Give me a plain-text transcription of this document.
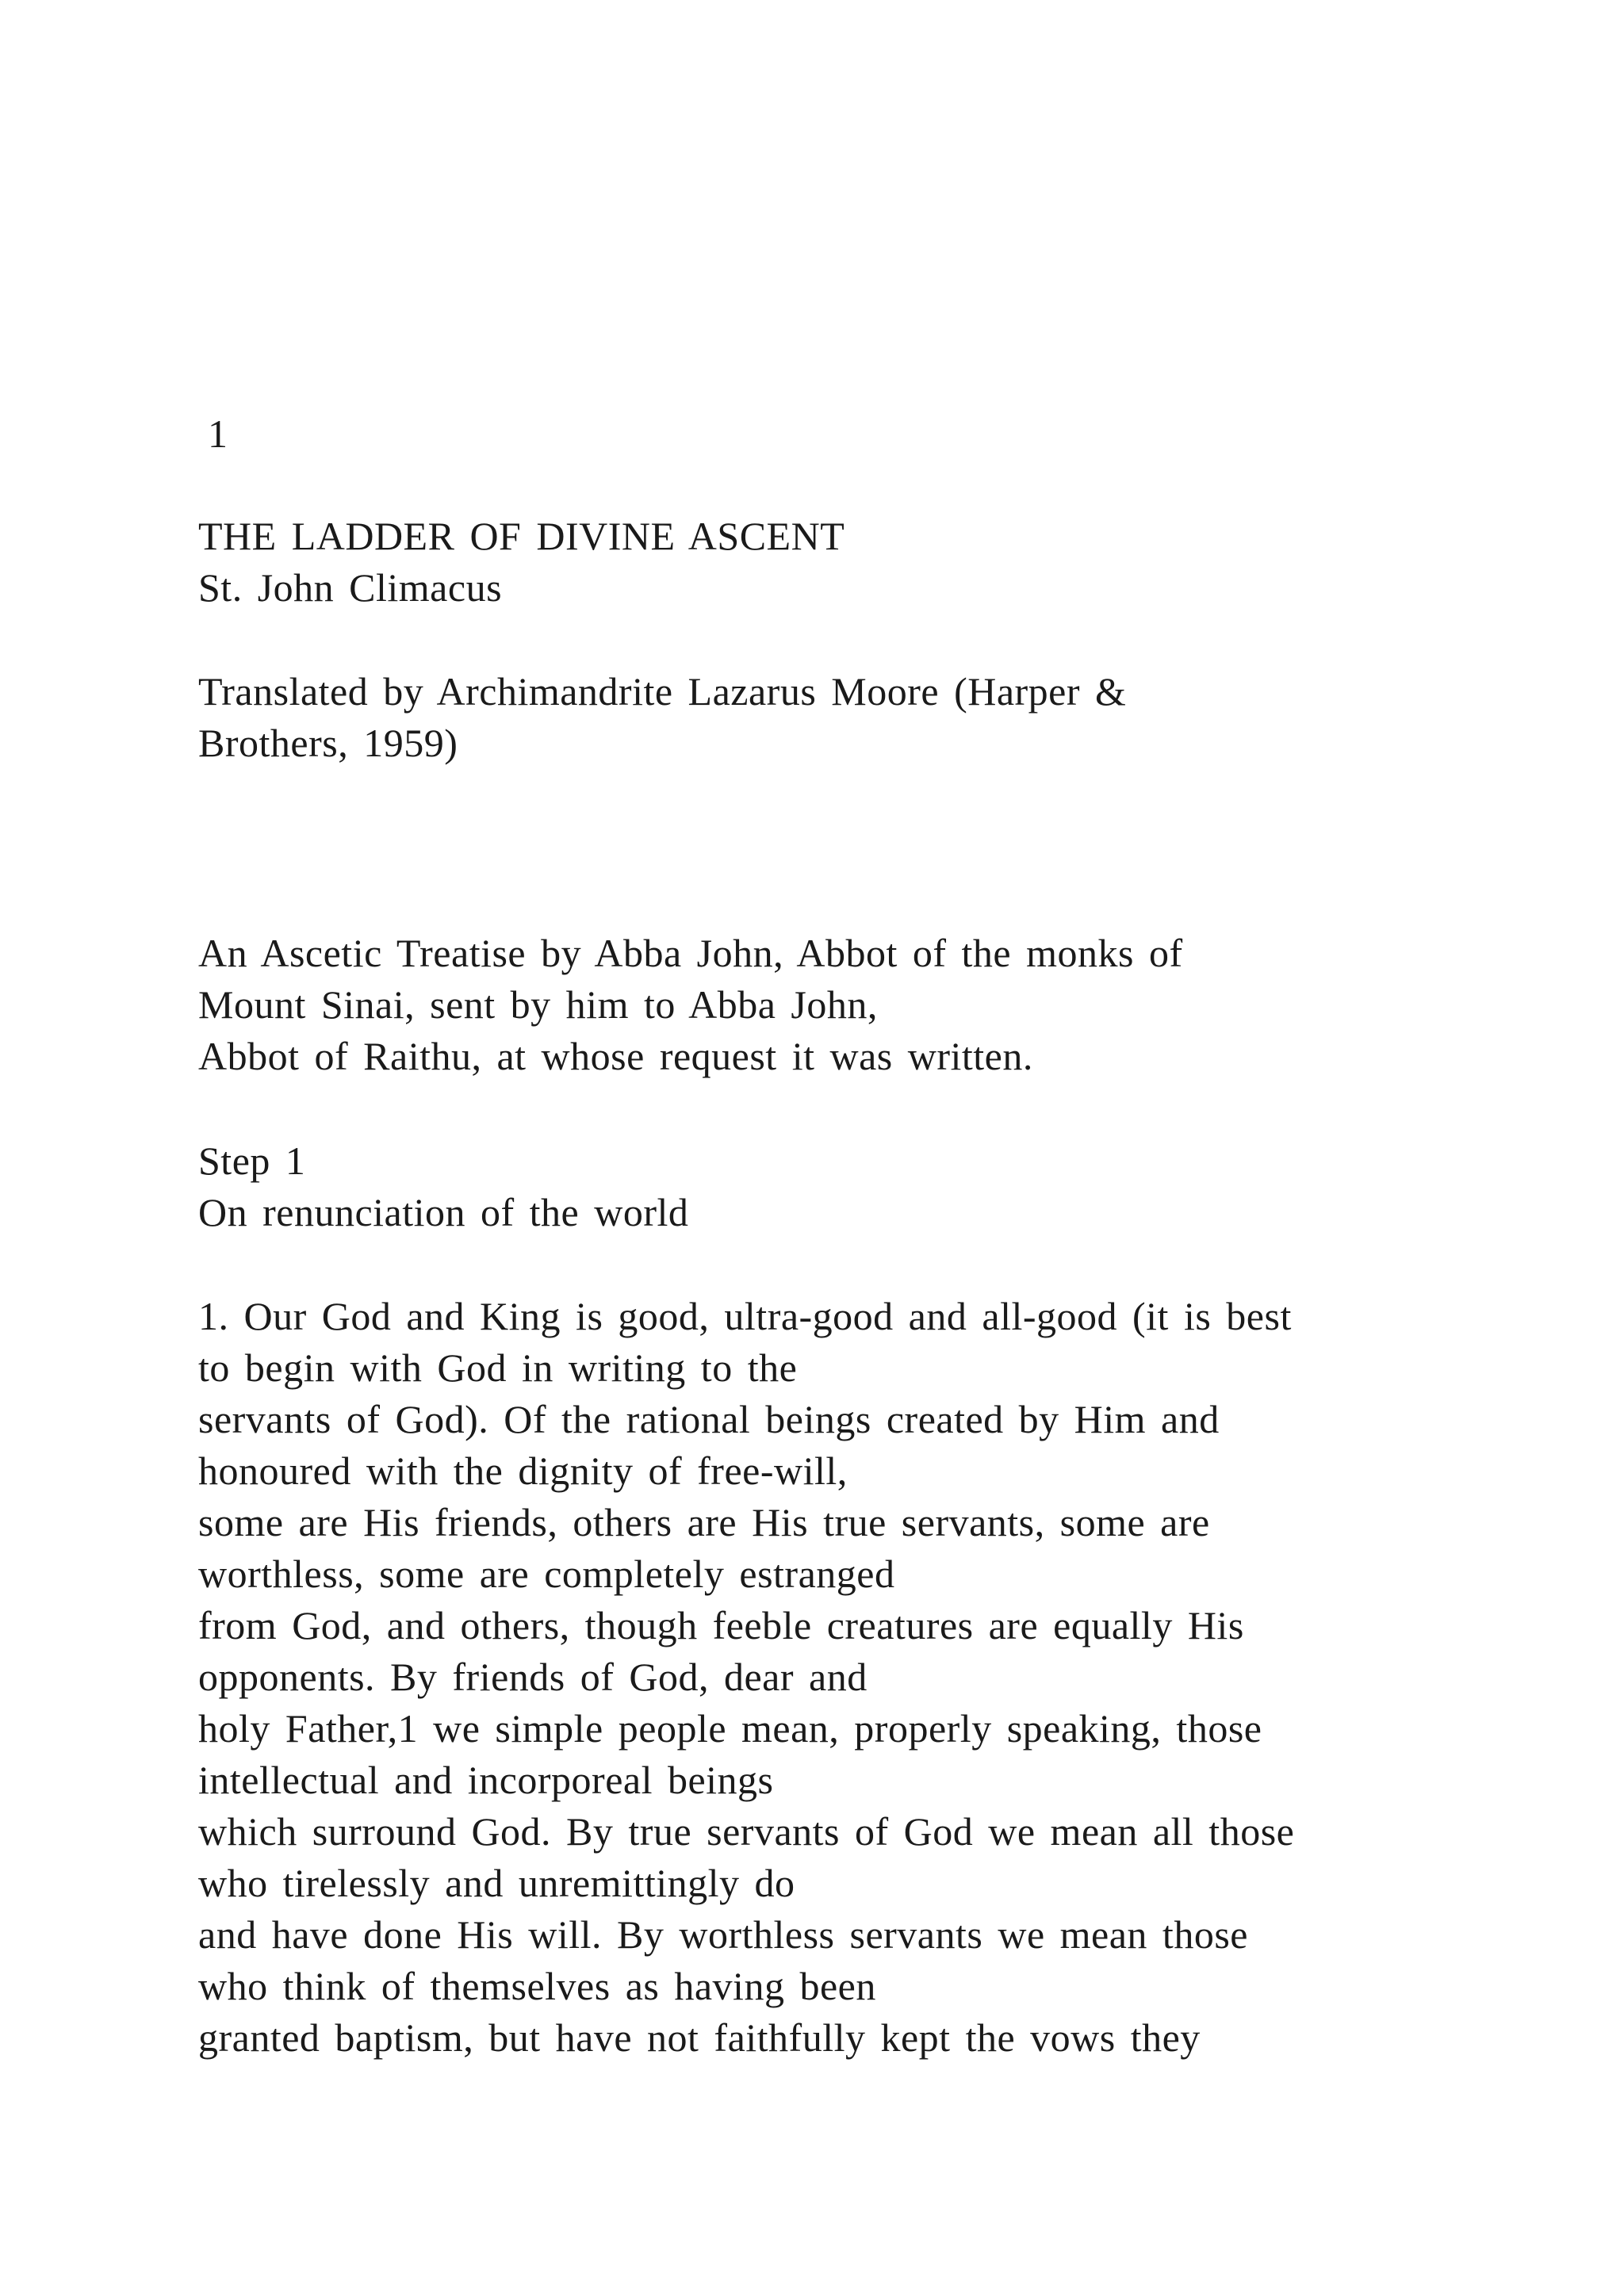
1
THE LADDER OF DIVINE ASCENT
St. John Climacus
Translated by Archimandrite Lazarus Moore (Harper &
Brothers, 1959)
An Ascetic Treatise by Abba John, Abbot of the monks of
Mount Sinai, sent by him to Abba John,
Abbot of Raithu, at whose request it was written.
Step 1
On renunciation of the world
1. Our God and King is good, ultra-good and all-good (it is best
to begin with God in writing to the
servants of God). Of the rational beings created by Him and
honoured with the dignity of free-will,
some are His friends, others are His true servants, some are
worthless, some are completely estranged
from God, and others, though feeble creatures are equally His
opponents. By friends of God, dear and
holy Father,1 we simple people mean, properly speaking, those
intellectual and incorporeal beings
which surround God. By true servants of God we mean all those
who tirelessly and unremittingly do
and have done His will. By worthless servants we mean those
who think of themselves as having been
granted baptism, but have not faithfully kept the vows they
